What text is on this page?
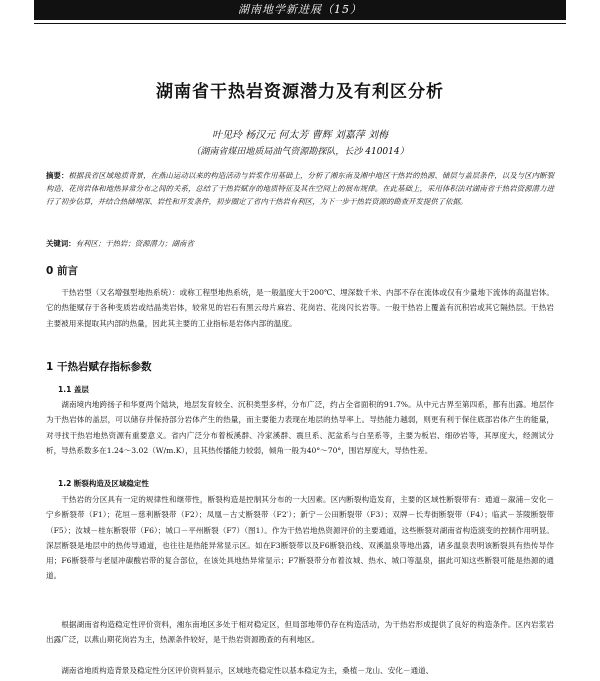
湖南地学新进展（15）
湖南省干热岩资源潜力及有利区分析
叶见玲 杨汉元 何太芳 曹辉 刘嘉萍 刘梅
（湖南省煤田地质局油气资源勘探队，长沙 410014）
摘要：根据我省区域地质背景，在燕山运动以来的构造活动与岩浆作用基础上，分析了湘东南及湘中地区干热岩的热源、储层与盖层条件，以及与区内断裂构造、花岗岩体和地热异常分布之间的关系，总结了干热岩赋存的地质特征及其在空间上的展布规律。在此基础上，采用体积法对湖南省干热岩资源潜力进行了初步估算，并结合热储埋深、岩性和开发条件，初步圈定了省内干热岩有利区，为下一步干热岩资源的勘查开发提供了依据。
关键词：有利区；干热岩；资源潜力；湖南省
0 前言
干热岩型（又名增强型地热系统）：或称工程型地热系统，是一般温度大于200℃、埋深数千米、内部不存在流体或仅有少量地下流体的高温岩体。它的热能赋存于各种变质岩或结晶类岩体，较常见的岩石有黑云母片麻岩、花岗岩、花岗闪长岩等。一般干热岩上覆盖有沉积岩或其它隔热层。干热岩主要被用来提取其内部的热量，因此其主要的工业指标是岩体内部的温度。
1 干热岩赋存指标参数
1.1 盖层
湖南境内地跨扬子和华夏两个陆块，地层发育较全、沉积类型多样，分布广泛，约占全省面积的91.7%。从中元古界至第四系，都有出露。地层作为干热岩体的盖层，可以储存并保持部分岩体产生的热量，而主要能力表现在地层的热导率上。导热能力越弱，则更有利于保住底部岩体产生的能量，对寻找干热岩地热资源有重要意义。省内广泛分布着板溪群、冷家溪群、震旦系、泥盆系与白垩系等，主要为板岩、细砂岩等，其厚度大，经测试分析，导热系数多在1.24～3.02（W/m.K），且其热传播能力较弱，倾角一般为40°～70°，围岩厚度大，导热性差。
1.2 断裂构造及区域稳定性
干热岩的分区具有一定的规律性和继带性，断裂构造是控制其分布的一大因素。区内断裂构造发育，主要的区域性断裂带有：通道－溆浦－安化－宁乡断裂带（F1）；花垣－慈利断裂带（F2）；凤凰－古丈断裂带（F2′）；新宁－公田断裂带（F3）；双牌－长寿街断裂带（F4）；临武－茶陵断裂带（F5）；汝城－桂东断裂带（F6）；城口－平州断裂（F7）（图1）。作为干热岩地热资源评价的主要通道，这些断裂对湖南省构造演变的控制作用明显。深层断裂是地层中的热传导通道，也往往是热能异常显示区。如在F3断裂带以及F6断裂沿线、双溪温泉等地出露，诸多温泉表明该断裂具有热传导作用；F6断裂带与老屋冲碳酸岩带的复合部位，在该处具地热异常显示；F7断裂带分布着汝城、热水、城口等温泉，据此可知这些断裂可能是热源的通道。
根据湖南省构造稳定性评价资料，湘东南地区多处于相对稳定区，但局部地带仍存在构造活动，为干热岩形成提供了良好的构造条件。区内岩浆岩出露广泛，以燕山期花岗岩为主，热源条件较好，是干热岩资源勘查的有利地区。
湖南省地质构造背景及稳定性分区评价资料显示，区域地壳稳定性以基本稳定为主，桑植－龙山、安化－通道、
